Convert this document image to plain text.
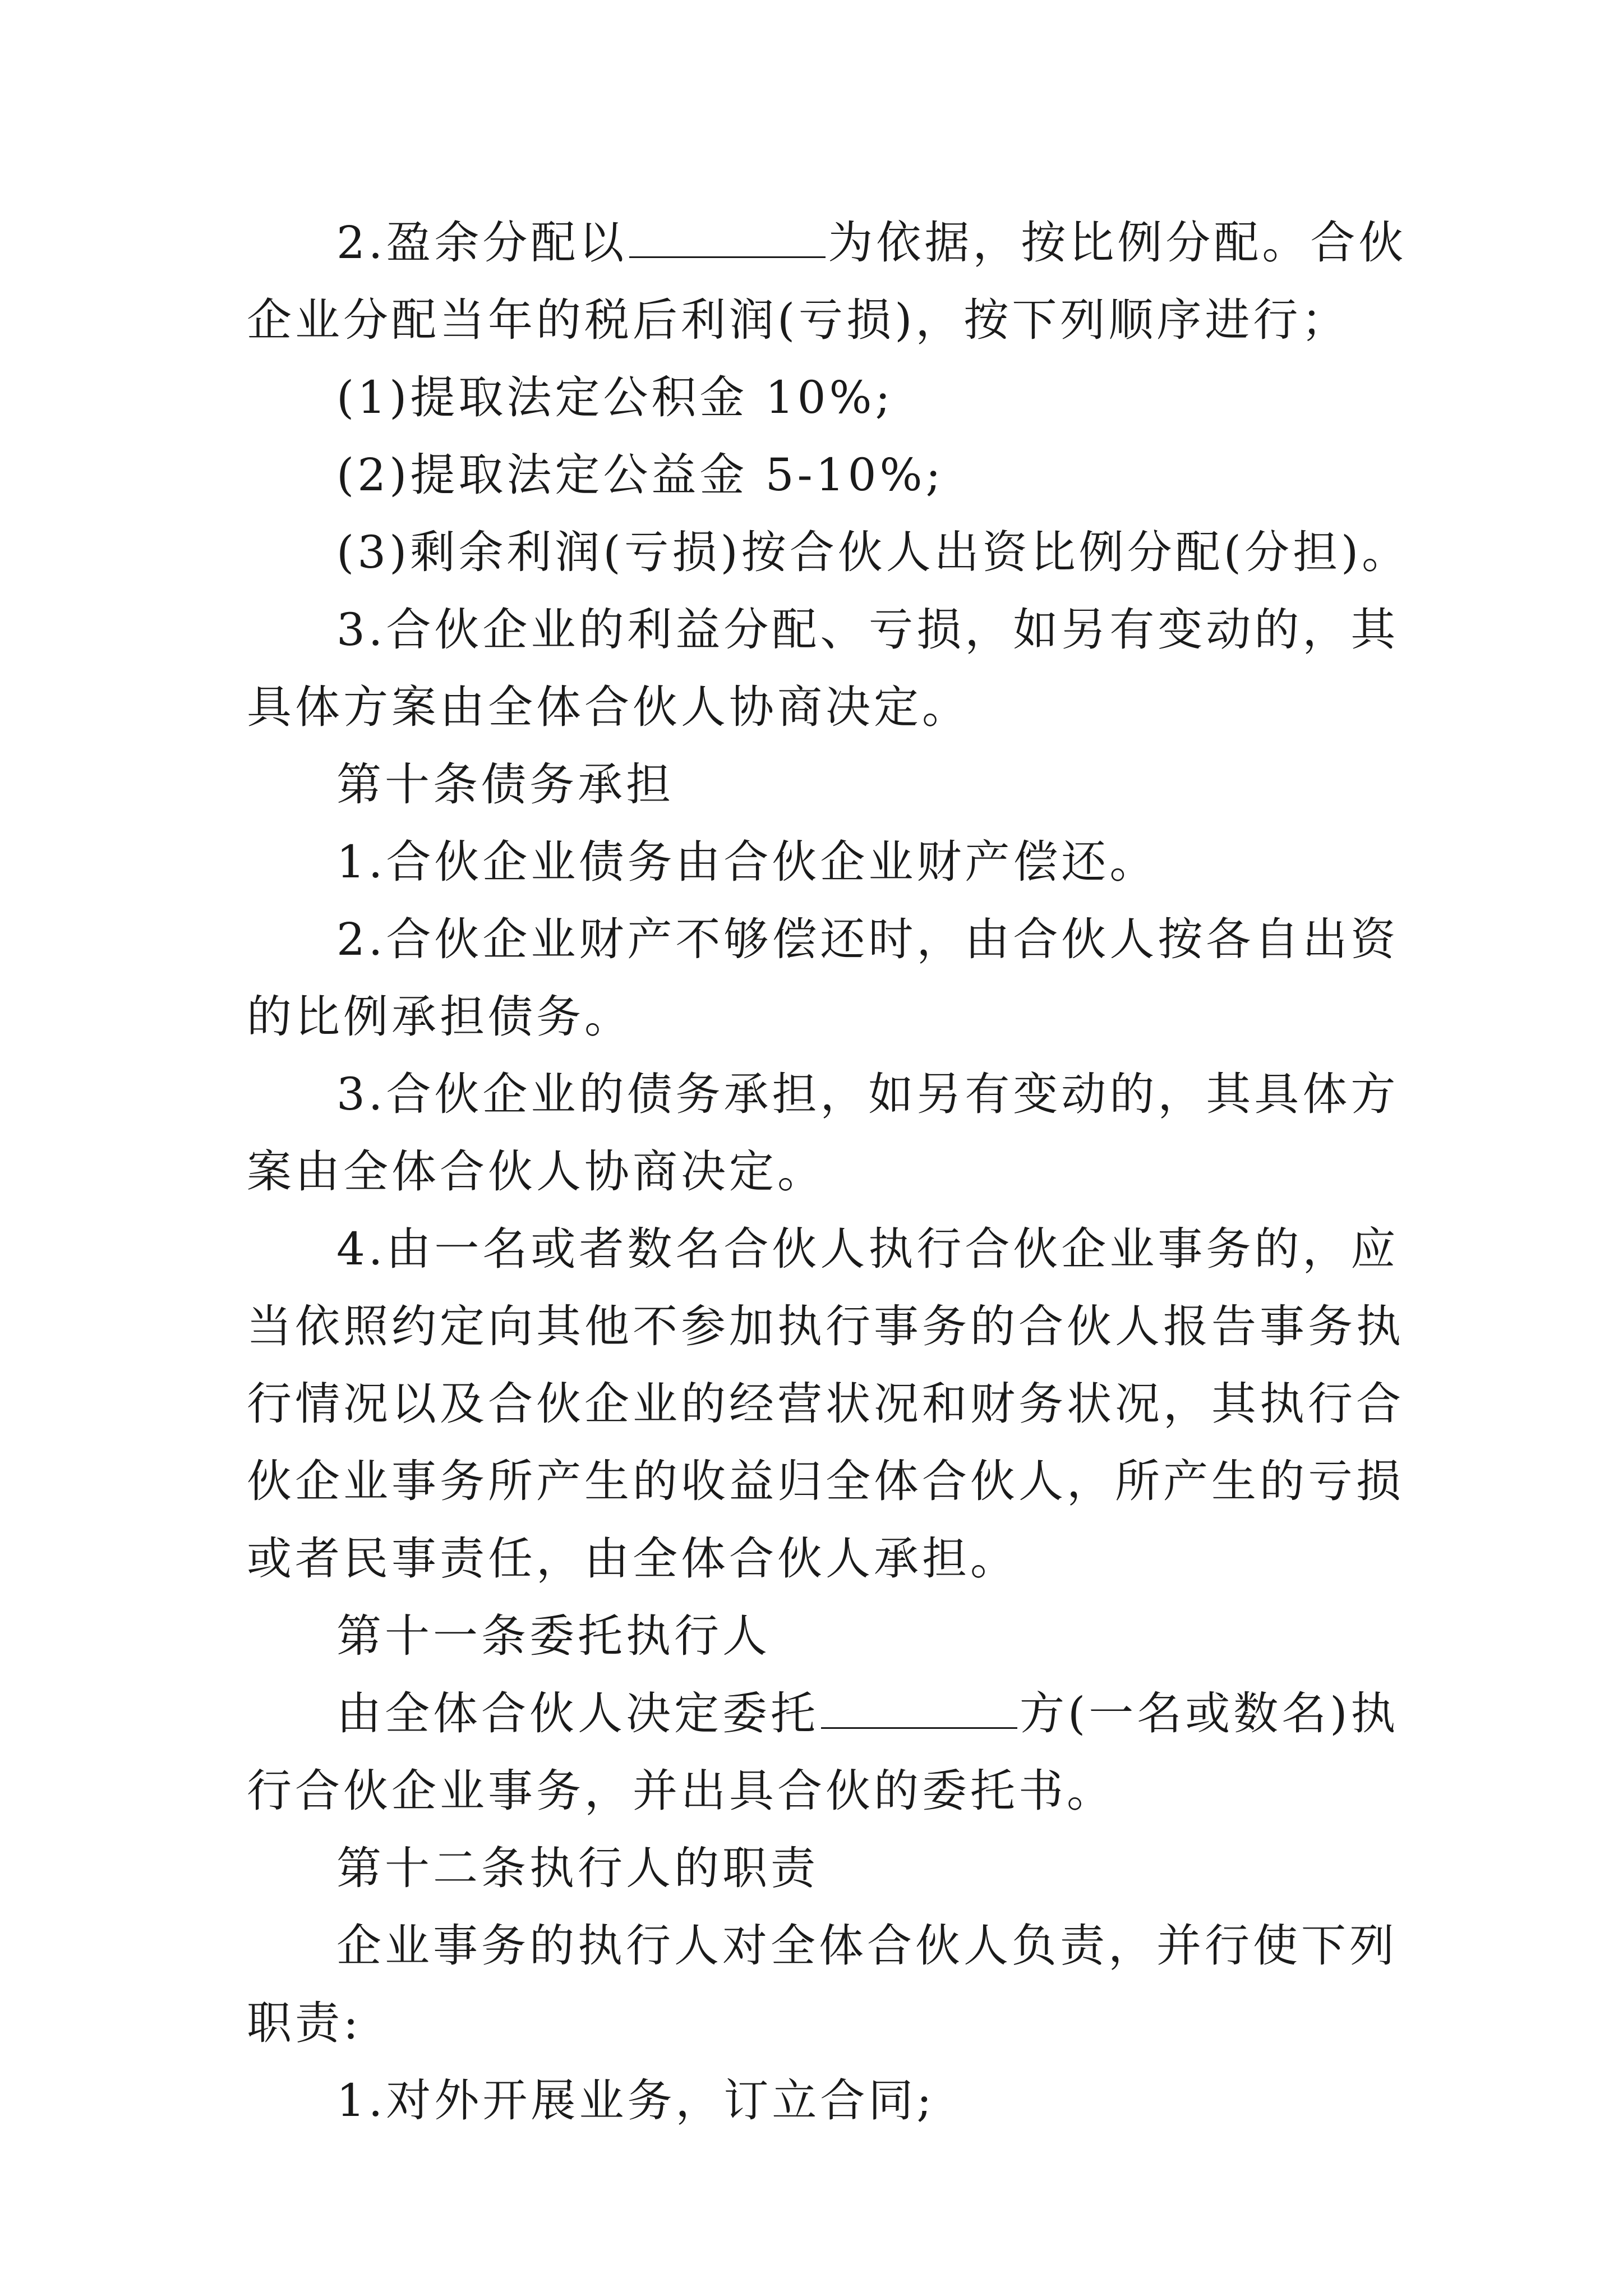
2.盈余分配以	为依据，按比例分配。合伙企业分配当年的税后利润(亏损)，按下列顺序进行；

(1)提取法定公积金 10%;

(2)提取法定公益金 5-10%;

(3)剩余利润(亏损)按合伙人出资比例分配(分担)。

3.合伙企业的利益分配、亏损，如另有变动的，其具体方案由全体合伙人协商决定。

第十条债务承担

1.合伙企业债务由合伙企业财产偿还。

2.合伙企业财产不够偿还时，由合伙人按各自出资的比例承担债务。

3.合伙企业的债务承担，如另有变动的，其具体方案由全体合伙人协商决定。

4.由一名或者数名合伙人执行合伙企业事务的，应当依照约定向其他不参加执行事务的合伙人报告事务执行情况以及合伙企业的经营状况和财务状况，其执行合伙企业事务所产生的收益归全体合伙人，所产生的亏损或者民事责任，由全体合伙人承担。

第十一条委托执行人

由全体合伙人决定委托	方(一名或数名)执行合伙企业事务，并出具合伙的委托书。

第十二条执行人的职责

企业事务的执行人对全体合伙人负责，并行使下列职责:

1.对外开展业务，订立合同;
